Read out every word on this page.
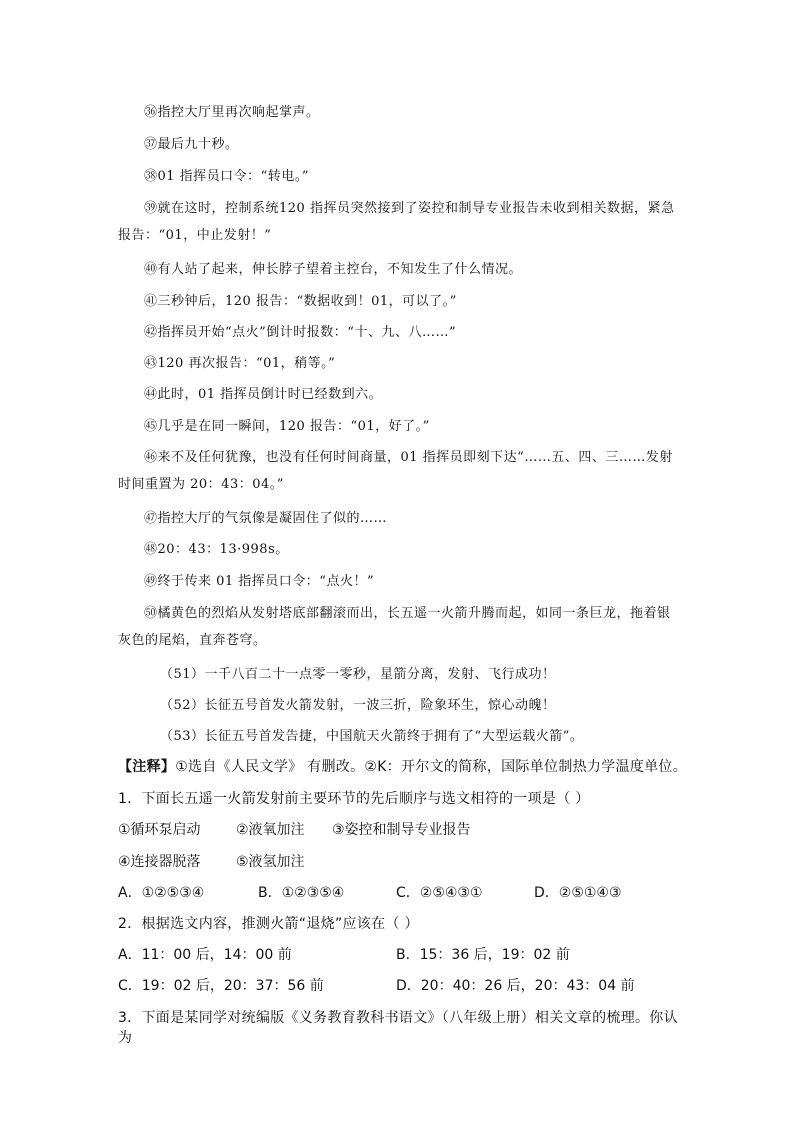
㊱指控大厅里再次响起掌声。
㊲最后九十秒。
㊳01 指挥员口令：“转电。”
㊴就在这时，控制系统120 指挥员突然接到了姿控和制导专业报告未收到相关数据，紧急报告：“01，中止发射！”
㊵有人站了起来，伸长脖子望着主控台，不知发生了什么情况。
㊶三秒钟后，120 报告：“数据收到！01，可以了。”
㊷指挥员开始“点火”倒计时报数：“十、九、八……”
㊸120 再次报告：“01，稍等。”
㊹此时，01 指挥员倒计时已经数到六。
㊺几乎是在同一瞬间，120 报告：“01，好了。”
㊻来不及任何犹豫，也没有任何时间商量，01 指挥员即刻下达“……五、四、三……发射时间重置为 20：43：04。”
㊼指控大厅的气氛像是凝固住了似的……
㊽20：43：13·998s。
㊾终于传来 01 指挥员口令：“点火！”
㊿橘黄色的烈焰从发射塔底部翻滚而出，长五遥一火箭升腾而起，如同一条巨龙，拖着银灰色的尾焰，直奔苍穹。
（51）一千八百二十一点零一零秒，星箭分离，发射、飞行成功！
（52）长征五号首发火箭发射，一波三折，险象环生，惊心动魄！
（53）长征五号首发告捷，中国航天火箭终于拥有了“大型运载火箭”。
【注释】①选自《人民文学》 有删改。②K：开尔文的简称，国际单位制热力学温度单位。
1．下面长五遥一火箭发射前主要环节的先后顺序与选文相符的一项是（ ）
①循环泵启动	②液氧加注 ③姿控和制导专业报告
④连接器脱落	⑤液氢加注
A．①②⑤③④	B．①②③⑤④	C．②⑤④③①	D．②⑤①④③
2．根据选文内容，推测火箭“退烧”应该在（ ）
A．11：00 后，14：00 前	B．15：36 后，19：02 前
C．19：02 后，20：37：56 前	D．20：40：26 后，20：43：04 前
3．下面是某同学对统编版《义务教育教科书语文》（八年级上册）相关文章的梳理。你认为
